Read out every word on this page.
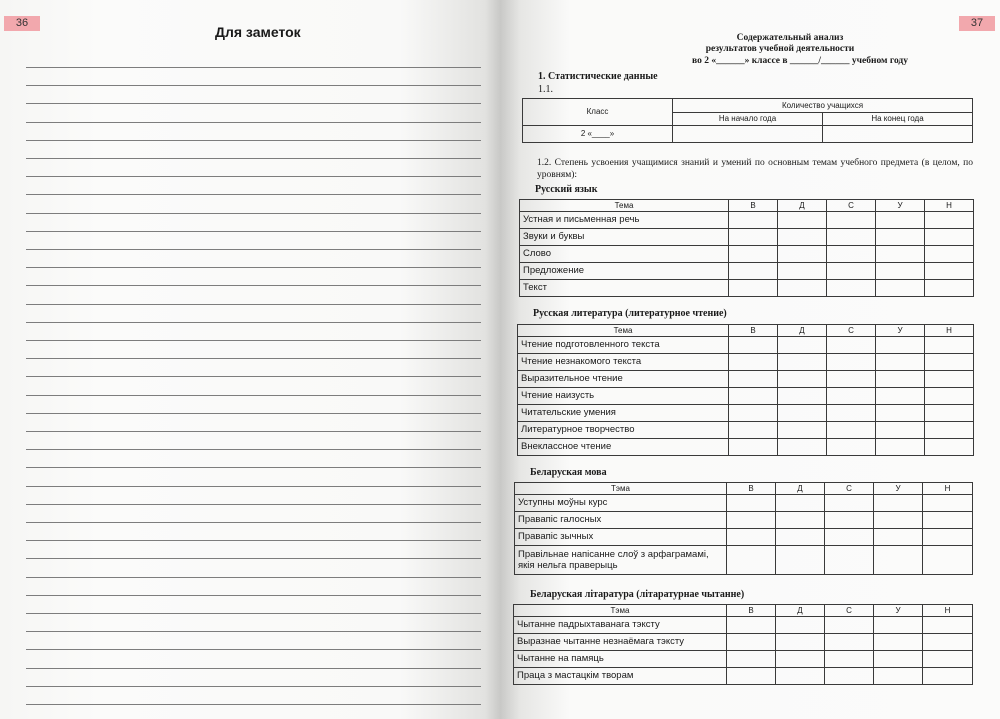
36
Для заметок
37
Содержательный анализ
результатов учебной деятельности
во 2 «______» классе в ______/______ учебном году
1. Статистические данные
1.1.
Класс	Количество учащихся	
	На начало года	На конец года
2 «____»		
1.2. Степень усвоения учащимися знаний и умений по основным темам учебного предмета (в целом, по уровням):
Русский язык
Тема	В	Д	С	У	Н
Устная и письменная речь					
Звуки и буквы					
Слово					
Предложение					
Текст					
Русская литература (литературное чтение)
Тема	В	Д	С	У	Н
Чтение подготовленного текста					
Чтение незнакомого текста					
Выразительное чтение					
Чтение наизусть					
Читательские умения					
Литературное творчество					
Внеклассное чтение					
Беларуская мова
Тэма	В	Д	С	У	Н
Уступны моўны курс					
Правапіс галосных					
Правапіс зычных					
Правільнае напісанне слоў з арфаграмамі, якія нельга праверыць					
Беларуская літаратура (літаратурнае чытанне)
Тэма	В	Д	С	У	Н
Чытанне падрыхтаванага тэксту					
Выразнае чытанне незнаёмага тэксту					
Чытанне на памяць					
Праца з мастацкім творам					
